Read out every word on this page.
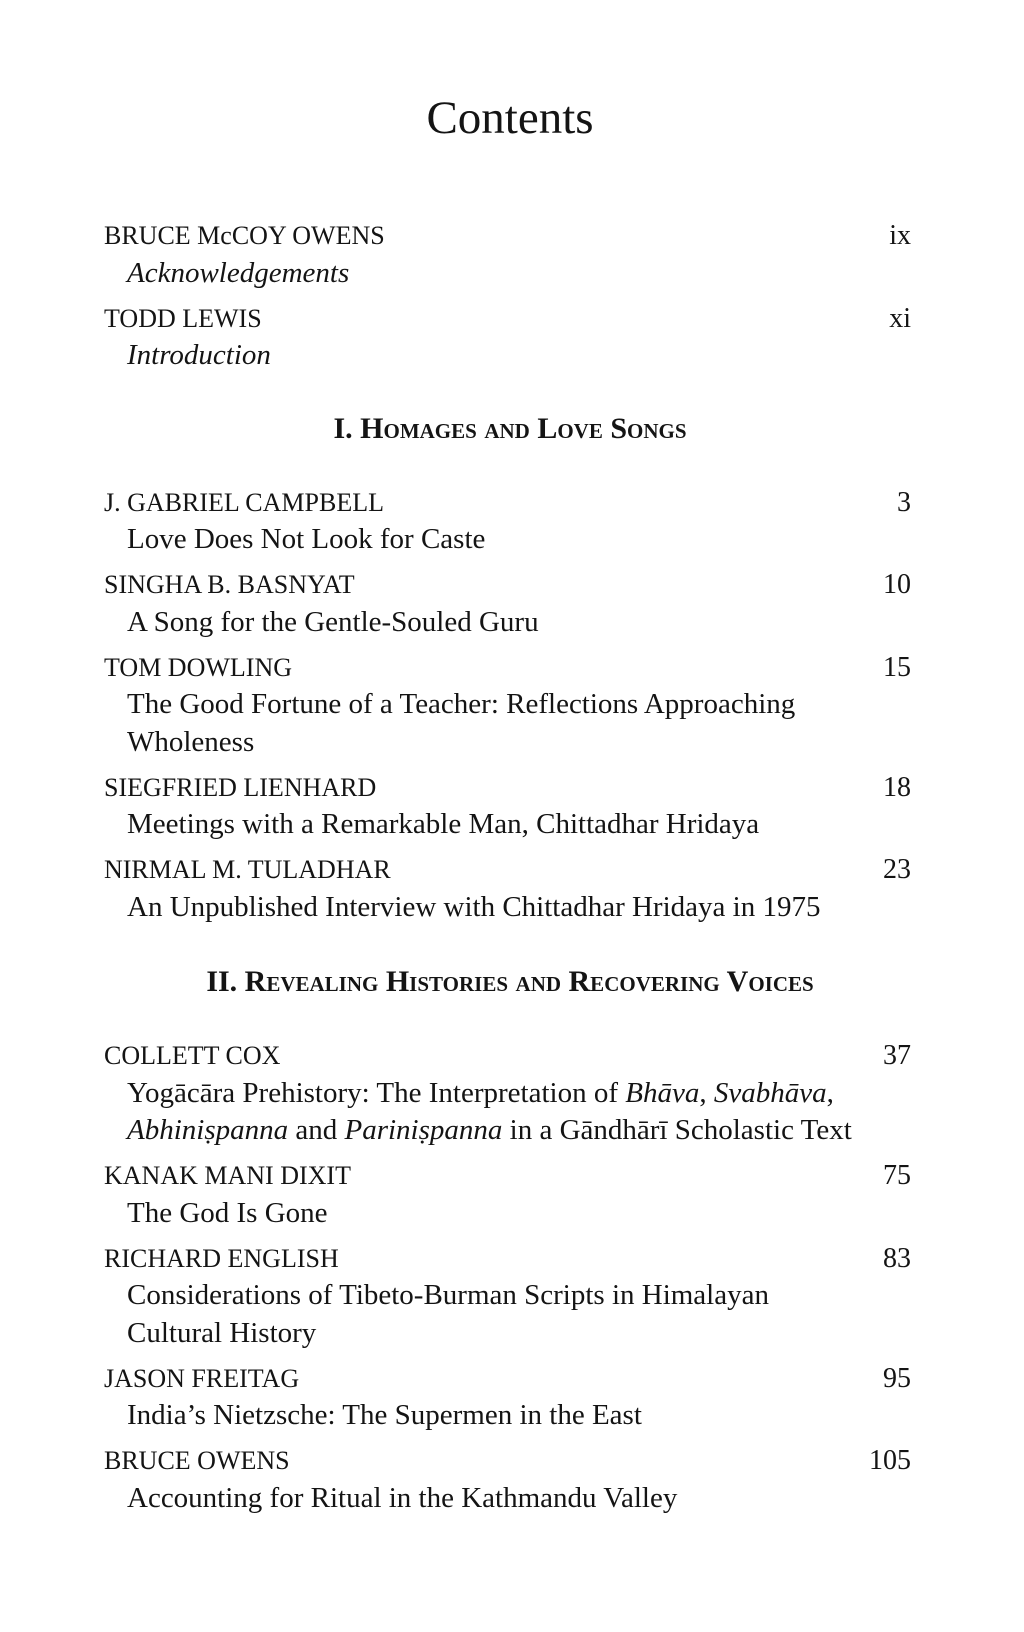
Contents
BRUCE McCOY OWENS	ix
Acknowledgements
TODD LEWIS	xi
Introduction
I. Homages and Love Songs
J. GABRIEL CAMPBELL	3
Love Does Not Look for Caste
SINGHA B. BASNYAT	10
A Song for the Gentle-Souled Guru
TOM DOWLING	15
The Good Fortune of a Teacher: Reflections Approaching
Wholeness
SIEGFRIED LIENHARD	18
Meetings with a Remarkable Man, Chittadhar Hridaya
NIRMAL M. TULADHAR	23
An Unpublished Interview with Chittadhar Hridaya in 1975
II. Revealing Histories and Recovering Voices
COLLETT COX	37
Yogācāra Prehistory: The Interpretation of Bhāva, Svabhāva,
Abhiniṣpanna and Pariniṣpanna in a Gāndhārī Scholastic Text
KANAK MANI DIXIT	75
The God Is Gone
RICHARD ENGLISH	83
Considerations of Tibeto-Burman Scripts in Himalayan
Cultural History
JASON FREITAG	95
India’s Nietzsche: The Supermen in the East
BRUCE OWENS	105
Accounting for Ritual in the Kathmandu Valley
